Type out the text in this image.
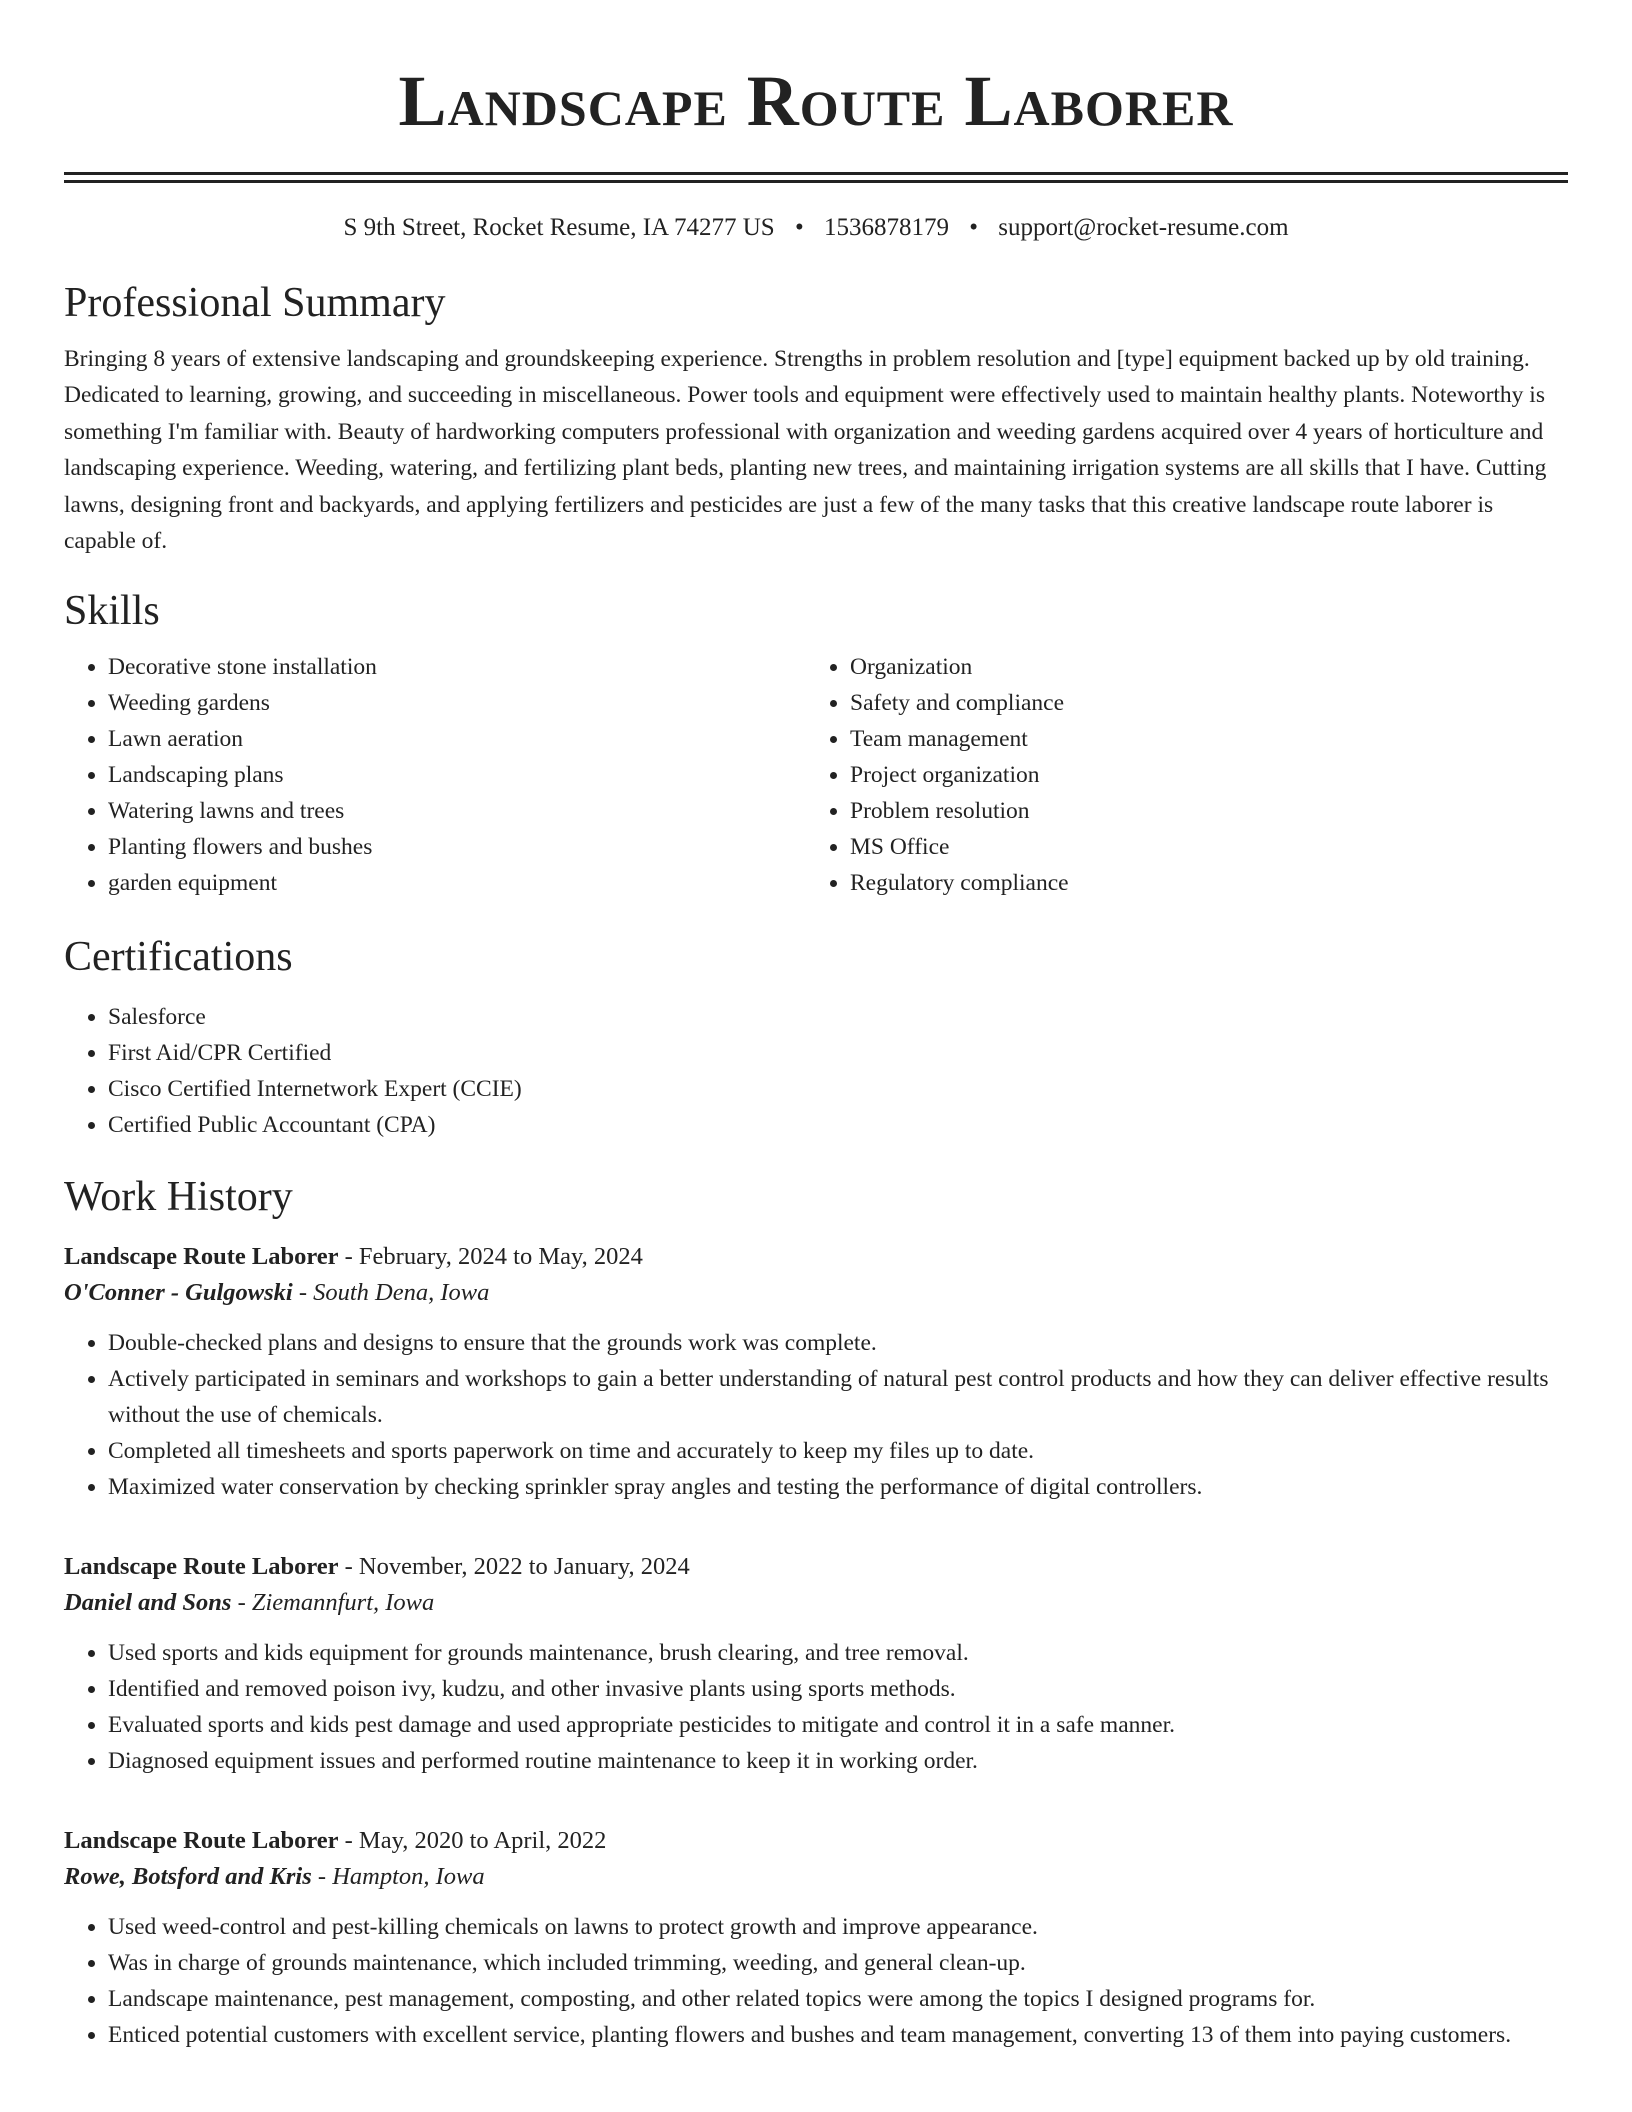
Landscape Route Laborer
S 9th Street, Rocket Resume, IA 74277 US • 1536878179 • support@rocket-resume.com
Professional Summary

Bringing 8 years of extensive landscaping and groundskeeping experience. Strengths in problem resolution and [type] equipment backed up by old training. Dedicated to learning, growing, and succeeding in miscellaneous. Power tools and equipment were effectively used to maintain healthy plants. Noteworthy is something I'm familiar with. Beauty of hardworking computers professional with organization and weeding gardens acquired over 4 years of horticulture and landscaping experience. Weeding, watering, and fertilizing plant beds, planting new trees, and maintaining irrigation systems are all skills that I have. Cutting lawns, designing front and backyards, and applying fertilizers and pesticides are just a few of the many tasks that this creative landscape route laborer is capable of.

Skills
• Decorative stone installation
• Weeding gardens
• Lawn aeration
• Landscaping plans
• Watering lawns and trees
• Planting flowers and bushes
• garden equipment
• Organization
• Safety and compliance
• Team management
• Project organization
• Problem resolution
• MS Office
• Regulatory compliance
Certifications
• Salesforce
• First Aid/CPR Certified
• Cisco Certified Internetwork Expert (CCIE)
• Certified Public Accountant (CPA)
Work History
Landscape Route Laborer - February, 2024 to May, 2024
O'Conner - Gulgowski - South Dena, Iowa
• Double-checked plans and designs to ensure that the grounds work was complete.
• Actively participated in seminars and workshops to gain a better understanding of natural pest control products and how they can deliver effective results without the use of chemicals.
• Completed all timesheets and sports paperwork on time and accurately to keep my files up to date.
• Maximized water conservation by checking sprinkler spray angles and testing the performance of digital controllers.
Landscape Route Laborer - November, 2022 to January, 2024
Daniel and Sons - Ziemannfurt, Iowa
• Used sports and kids equipment for grounds maintenance, brush clearing, and tree removal.
• Identified and removed poison ivy, kudzu, and other invasive plants using sports methods.
• Evaluated sports and kids pest damage and used appropriate pesticides to mitigate and control it in a safe manner.
• Diagnosed equipment issues and performed routine maintenance to keep it in working order.
Landscape Route Laborer - May, 2020 to April, 2022
Rowe, Botsford and Kris - Hampton, Iowa
• Used weed-control and pest-killing chemicals on lawns to protect growth and improve appearance.
• Was in charge of grounds maintenance, which included trimming, weeding, and general clean-up.
• Landscape maintenance, pest management, composting, and other related topics were among the topics I designed programs for.
• Enticed potential customers with excellent service, planting flowers and bushes and team management, converting 13 of them into paying customers.
